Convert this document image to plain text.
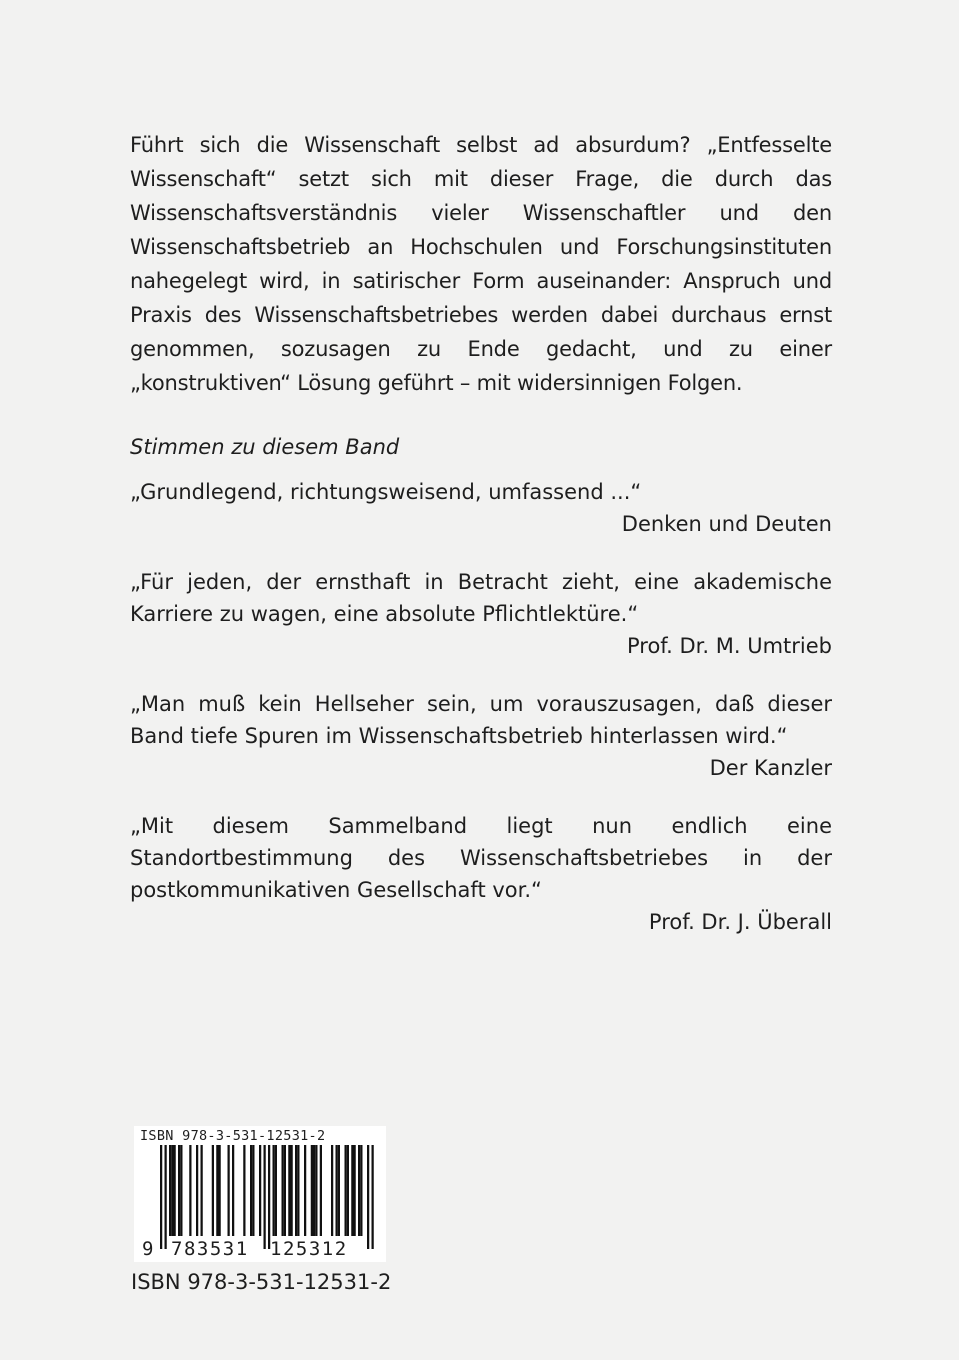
Führt sich die Wissenschaft selbst ad absurdum? „Entfesselte Wissenschaft“ setzt sich mit dieser Frage, die durch das Wissenschaftsverständnis vieler Wissenschaftler und den Wissenschaftsbetrieb an Hochschulen und Forschungsinstituten nahegelegt wird, in satirischer Form auseinander: Anspruch und Praxis des Wissenschaftsbetriebes werden dabei durchaus ernst genommen, sozusagen zu Ende gedacht, und zu einer „konstruktiven“ Lösung geführt – mit widersinnigen Folgen.

Stimmen zu diesem Band

„Grundlegend, richtungsweisend, umfassend ...“

Denken und Deuten

„Für jeden, der ernsthaft in Betracht zieht, eine akademische Karriere zu wagen, eine absolute Pflichtlektüre.“

Prof. Dr. M. Umtrieb

„Man muß kein Hellseher sein, um vorauszusagen, daß dieser Band tiefe Spuren im Wissenschaftsbetrieb hinterlassen wird.“

Der Kanzler

„Mit diesem Sammelband liegt nun endlich eine Standortbestimmung des Wissenschaftsbetriebes in der postkommunikativen Gesellschaft vor.“

Prof. Dr. J. Überall

ISBN 978-3-531-12531-2
9 783531 125312
ISBN 978-3-531-12531-2
